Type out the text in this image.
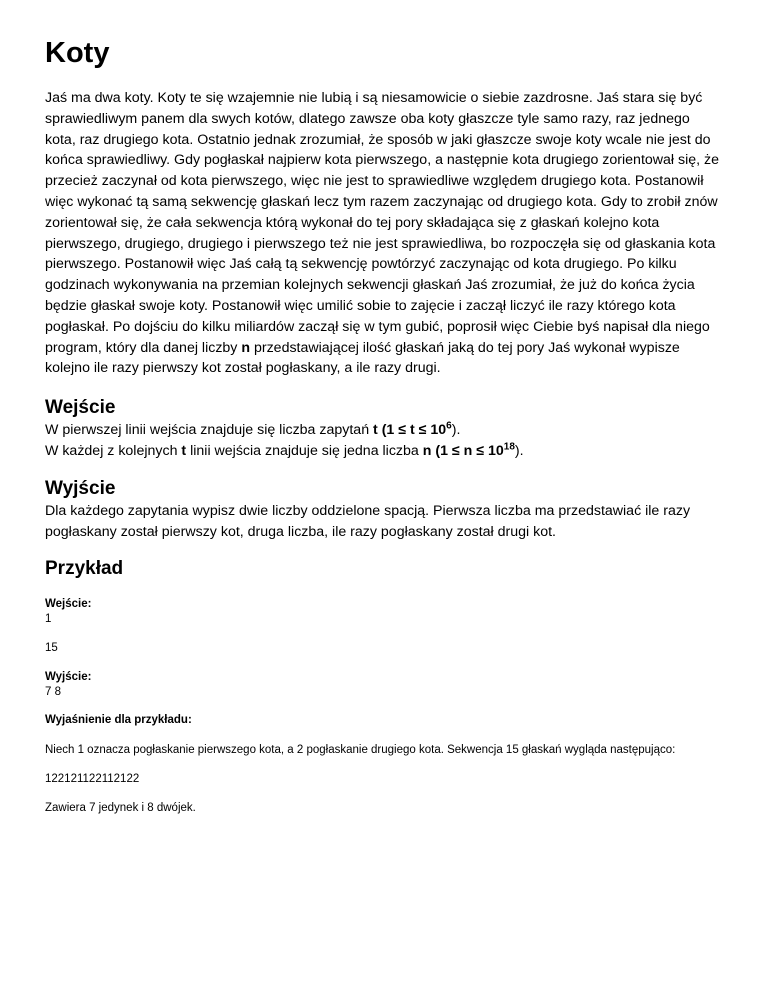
Koty

Jaś ma dwa koty. Koty te się wzajemnie nie lubią i są niesamowicie o siebie zazdrosne. Jaś stara się być sprawiedliwym panem dla swych kotów, dlatego zawsze oba koty głaszcze tyle samo razy, raz jednego kota, raz drugiego kota. Ostatnio jednak zrozumiał, że sposób w jaki głaszcze swoje koty wcale nie jest do końca sprawiedliwy. Gdy pogłaskał najpierw kota pierwszego, a następnie kota drugiego zorientował się, że przecież zaczynał od kota pierwszego, więc nie jest to sprawiedliwe względem drugiego kota. Postanowił więc wykonać tą samą sekwencję głaskań lecz tym razem zaczynając od drugiego kota. Gdy to zrobił znów zorientował się, że cała sekwencja którą wykonał do tej pory składająca się z głaskań kolejno kota pierwszego, drugiego, drugiego i pierwszego też nie jest sprawiedliwa, bo rozpoczęła się od głaskania kota pierwszego. Postanowił więc Jaś całą tą sekwencję powtórzyć zaczynając od kota drugiego. Po kilku godzinach wykonywania na przemian kolejnych sekwencji głaskań Jaś zrozumiał, że już do końca życia będzie głaskał swoje koty. Postanowił więc umilić sobie to zajęcie i zaczął liczyć ile razy którego kota pogłaskał. Po dojściu do kilku miliardów zaczął się w tym gubić, poprosił więc Ciebie byś napisał dla niego program, który dla danej liczby n przedstawiającej ilość głaskań jaką do tej pory Jaś wykonał wypisze kolejno ile razy pierwszy kot został pogłaskany, a ile razy drugi.

Wejście

W pierwszej linii wejścia znajduje się liczba zapytań t $(1 \le t \le 10^6)$.

W każdej z kolejnych t linii wejścia znajduje się jedna liczba n $(1 \le n \le 10^{18})$.

Wyjście

Dla każdego zapytania wypisz dwie liczby oddzielone spacją. Pierwsza liczba ma przedstawiać ile razy pogłaskany został pierwszy kot, druga liczba, ile razy pogłaskany został drugi kot.

Przykład

Wejście:

1

15

Wyjście:

7 8

Wyjaśnienie dla przykładu:

Niech 1 oznacza pogłaskanie pierwszego kota, a 2 pogłaskanie drugiego kota. Sekwencja 15 głaskań wygląda następująco:

122121122112122

Zawiera 7 jedynek i 8 dwójek.
